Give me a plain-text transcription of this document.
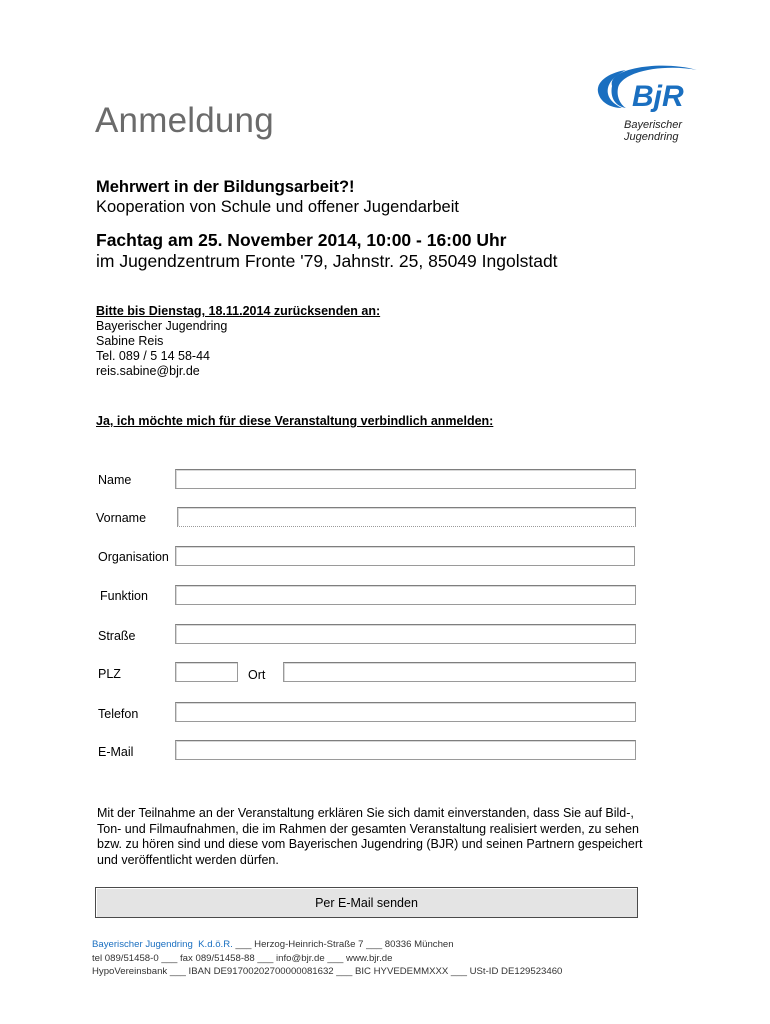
Anmeldung
BjR
Bayerischer
Jugendring
Mehrwert in der Bildungsarbeit?!
Kooperation von Schule und offener Jugendarbeit
Fachtag am 25. November 2014, 10:00 - 16:00 Uhr
im Jugendzentrum Fronte '79, Jahnstr. 25, 85049 Ingolstadt
Bitte bis Dienstag, 18.11.2014 zurücksenden an:
Bayerischer Jugendring
Sabine Reis
Tel. 089 / 5 14 58-44
reis.sabine@bjr.de
Ja, ich möchte mich für diese Veranstaltung verbindlich anmelden:
Name
Vorname
Organisation
Funktion
Straße
PLZ	Ort
Telefon
E-Mail
Mit der Teilnahme an der Veranstaltung erklären Sie sich damit einverstanden, dass Sie auf Bild-, Ton- und Filmaufnahmen, die im Rahmen der gesamten Veranstaltung realisiert werden, zu sehen bzw. zu hören sind und diese vom Bayerischen Jugendring (BJR) und seinen Partnern gespeichert und veröffentlicht werden dürfen.
Per E-Mail senden
Bayerischer Jugendring K.d.ö.R. ___ Herzog-Heinrich-Straße 7 ___ 80336 München
tel 089/51458-0 ___ fax 089/51458-88 ___ info@bjr.de ___ www.bjr.de
HypoVereinsbank ___ IBAN DE91700202700000081632 ___ BIC HYVEDEMMXXX ___ USt-ID DE129523460
